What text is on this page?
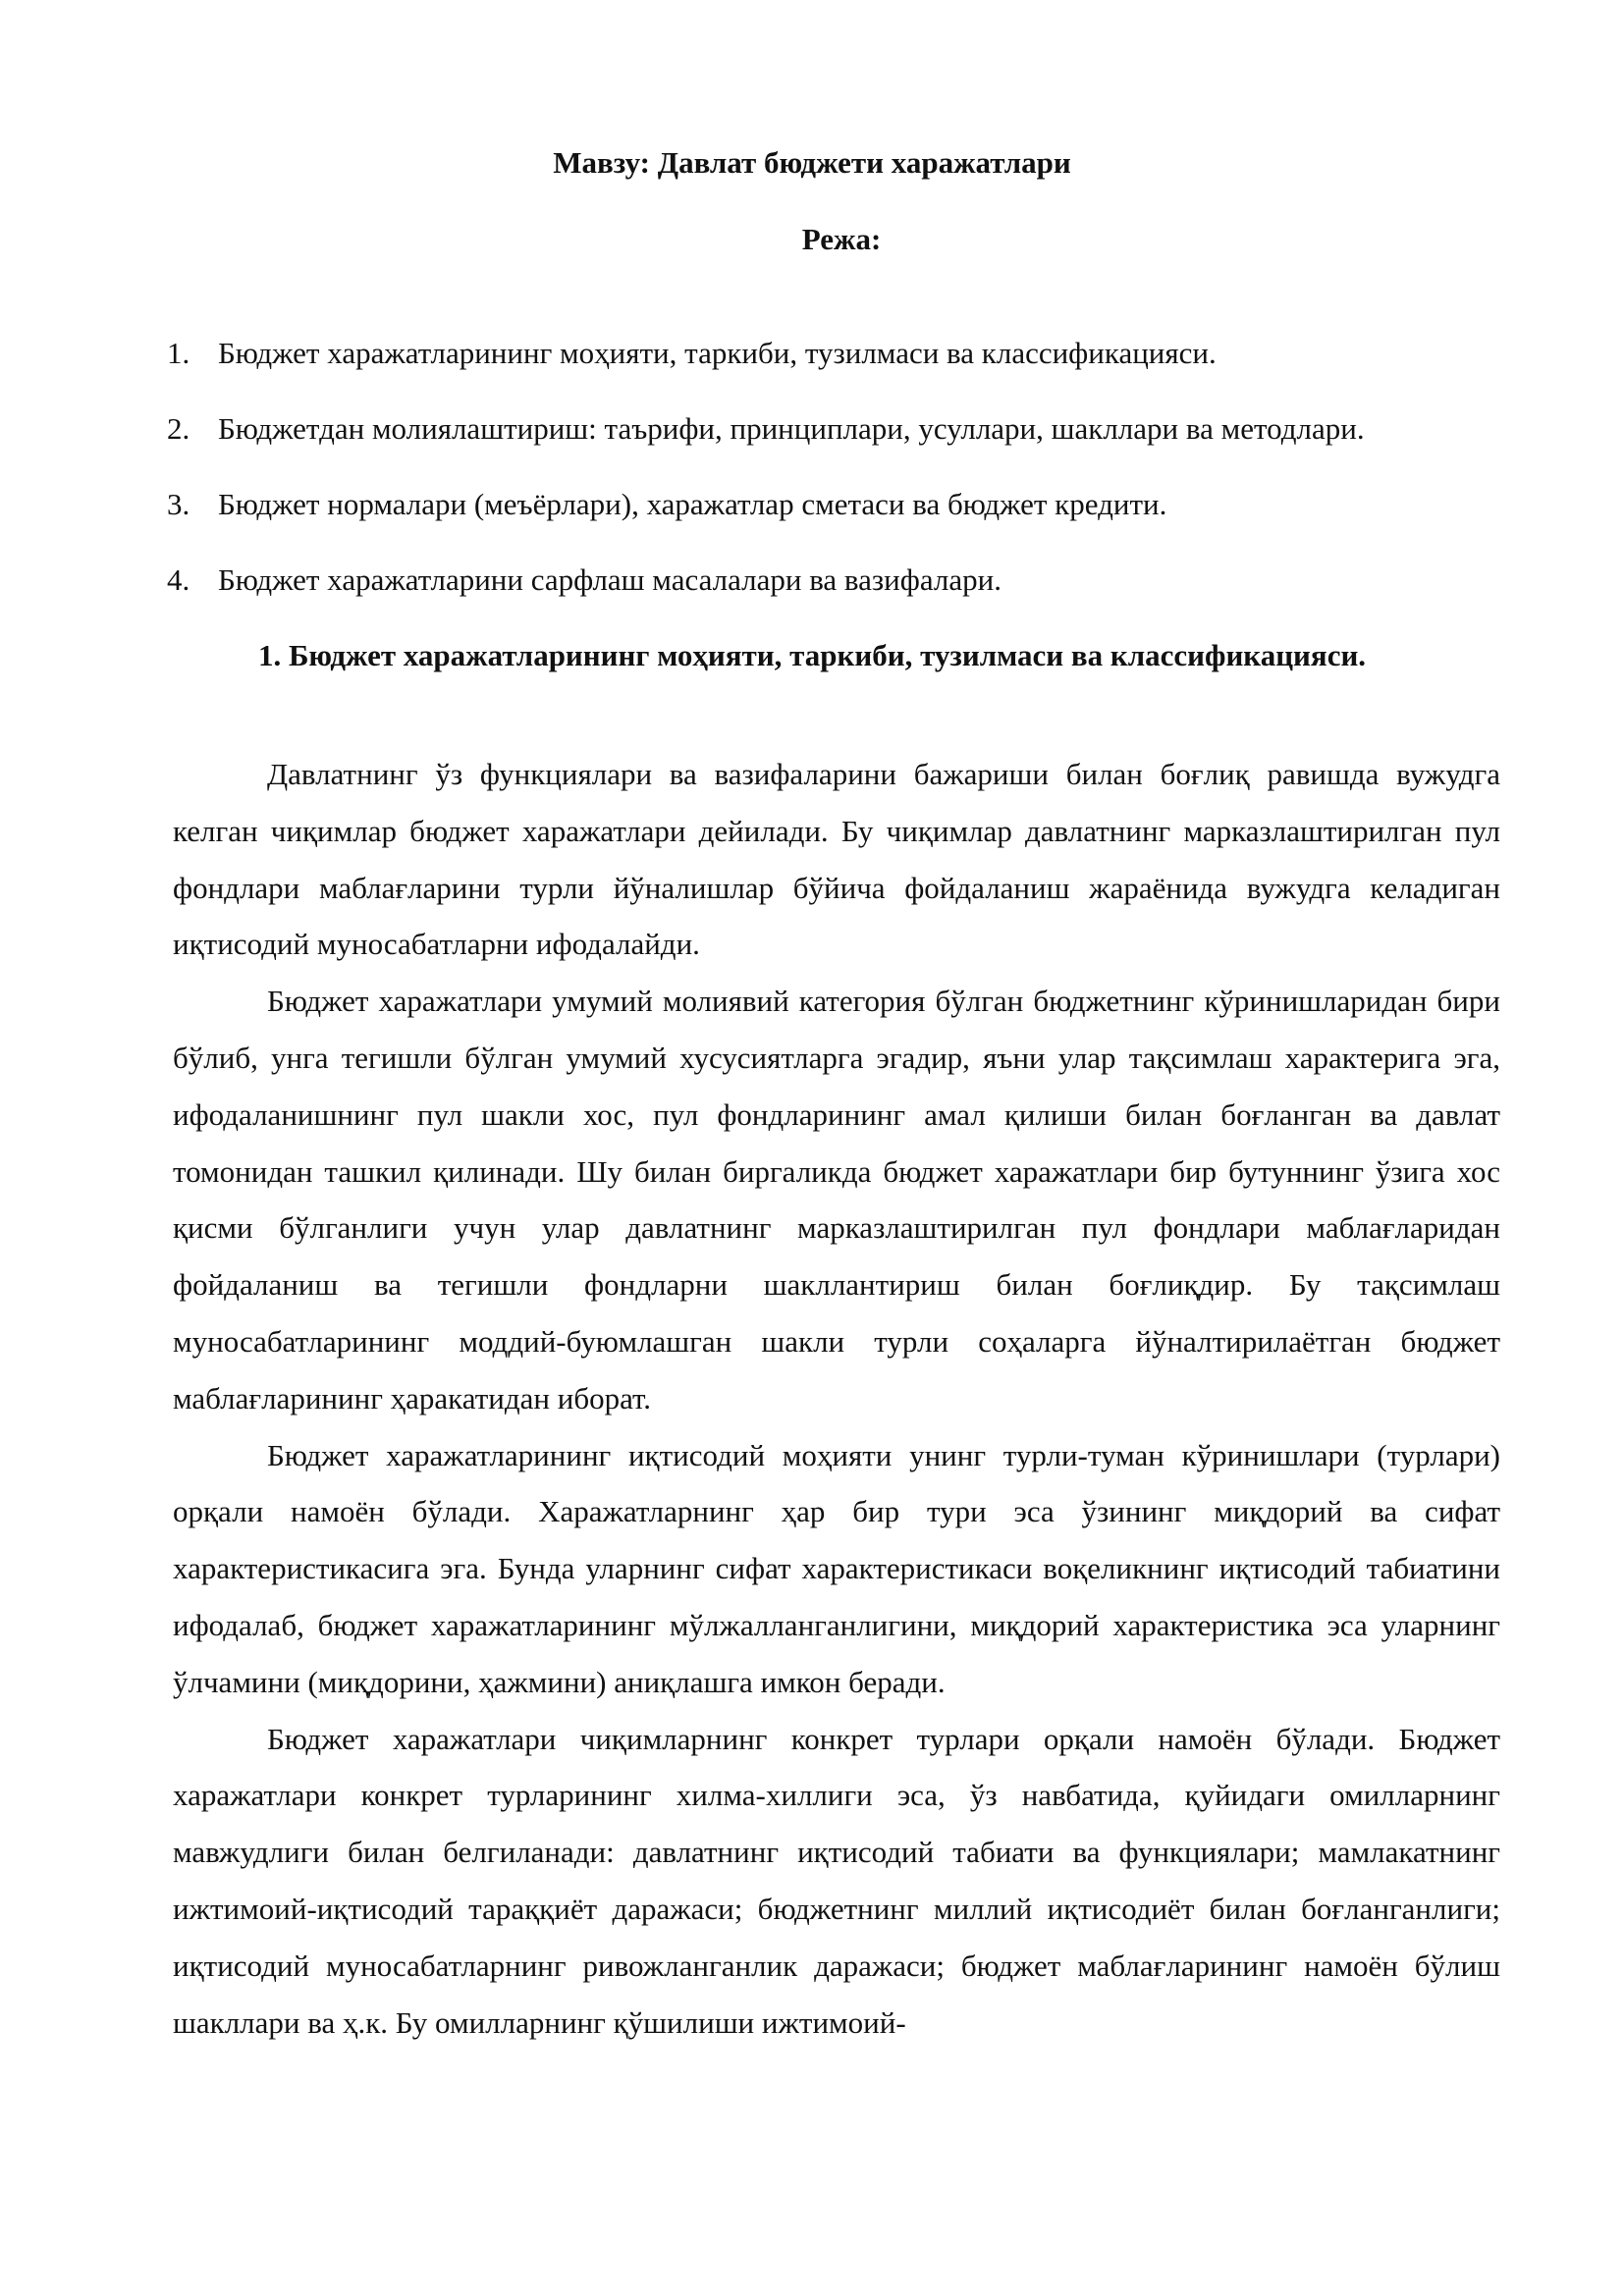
Мавзу: Давлат бюджети харажатлари
Режа:
1. Бюджет харажатларининг моҳияти, таркиби, тузилмаси ва классификацияси.
2. Бюджетдан молиялаштириш: таърифи, принциплари, усуллари, шакллари ва методлари.
3. Бюджет нормалари (меъёрлари), харажатлар сметаси ва бюджет кредити.
4. Бюджет харажатларини сарфлаш масалалари ва вазифалари.
1. Бюджет харажатларининг моҳияти, таркиби, тузилмаси ва классификацияси.

Давлатнинг ўз функциялари ва вазифаларини бажариши билан боғлиқ равишда вужудга келган чиқимлар бюджет харажатлари дейилади. Бу чиқимлар давлатнинг марказлаштирилган пул фондлари маблағларини турли йўналишлар бўйича фойдаланиш жараёнида вужудга келадиган иқтисодий муносабатларни ифодалайди.

Бюджет харажатлари умумий молиявий категория бўлган бюджетнинг кўринишларидан бири бўлиб, унга тегишли бўлган умумий хусусиятларга эгадир, яъни улар тақсимлаш характерига эга, ифодаланишнинг пул шакли хос, пул фондларининг амал қилиши билан боғланган ва давлат томонидан ташкил қилинади. Шу билан биргаликда бюджет харажатлари бир бутуннинг ўзига хос қисми бўлганлиги учун улар давлатнинг марказлаштирилган пул фондлари маблағларидан фойдаланиш ва тегишли фондларни шакллантириш билан боғлиқдир. Бу тақсимлаш муносабатларининг моддий-буюмлашган шакли турли соҳаларга йўналтирилаётган бюджет маблағларининг ҳаракатидан иборат.

Бюджет харажатларининг иқтисодий моҳияти унинг турли-туман кўринишлари (турлари) орқали намоён бўлади. Харажатларнинг ҳар бир тури эса ўзининг миқдорий ва сифат характеристикасига эга. Бунда уларнинг сифат характеристикаси воқеликнинг иқтисодий табиатини ифодалаб, бюджет харажатларининг мўлжалланганлигини, миқдорий характеристика эса уларнинг ўлчамини (миқдорини, ҳажмини) аниқлашга имкон беради.

Бюджет харажатлари чиқимларнинг конкрет турлари орқали намоён бўлади. Бюджет харажатлари конкрет турларининг хилма-хиллиги эса, ўз навбатида, қуйидаги омилларнинг мавжудлиги билан белгиланади: давлатнинг иқтисодий табиати ва функциялари; мамлакатнинг ижтимоий-иқтисодий тараққиёт даражаси; бюджетнинг миллий иқтисодиёт билан боғланганлиги; иқтисодий муносабатларнинг ривожланганлик даражаси; бюджет маблағларининг намоён бўлиш шакллари ва ҳ.к. Бу омилларнинг қўшилиши ижтимоий-
